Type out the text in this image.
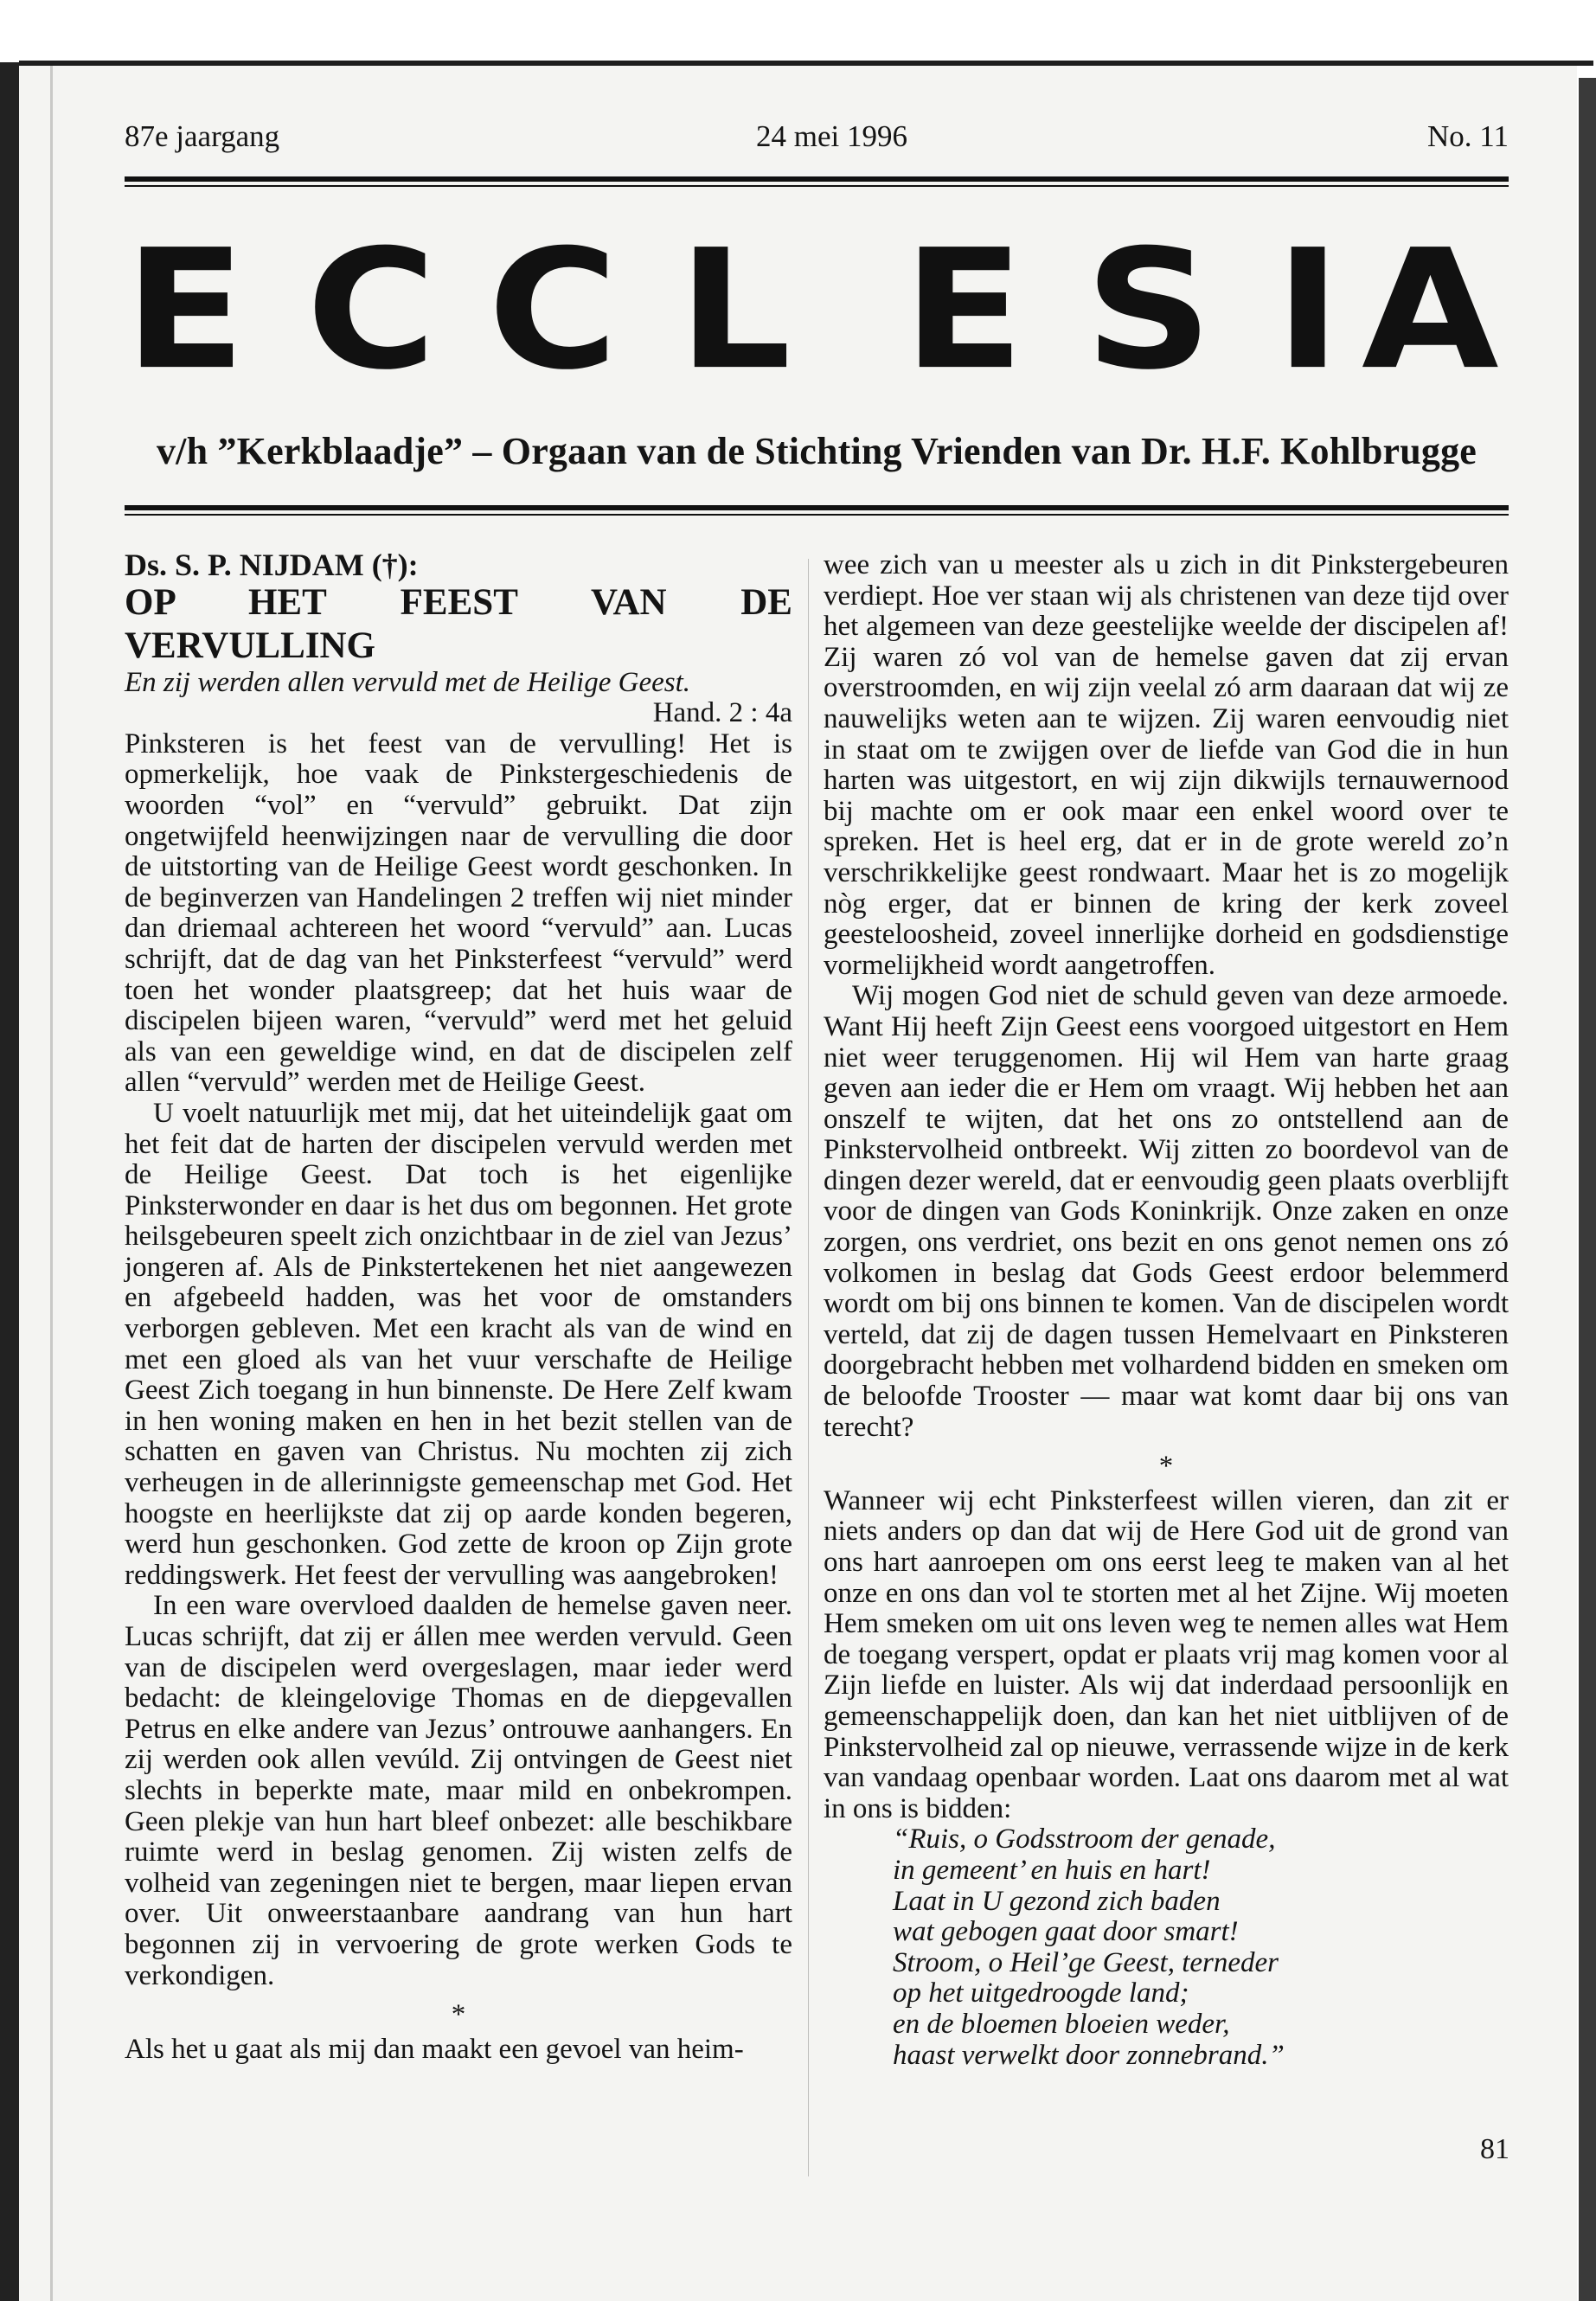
87e jaargang	24 mei 1996	No. 11
E C C L E S I A
v/h ”Kerkblaadje” – Orgaan van de Stichting Vrienden van Dr. H.F. Kohlbrugge

Ds. S. P. NIJDAM (†):

OP HET FEEST VAN DE VERVULLING

En zij werden allen vervuld met de Heilige Geest.

Hand. 2 : 4a

Pinksteren is het feest van de vervulling! Het is opmerkelijk, hoe vaak de Pinkstergeschiedenis de woorden “vol” en “vervuld” gebruikt. Dat zijn ongetwijfeld heenwijzingen naar de vervulling die door de uitstorting van de Heilige Geest wordt geschonken. In de beginverzen van Handelingen 2 treffen wij niet minder dan driemaal achtereen het woord “vervuld” aan. Lucas schrijft, dat de dag van het Pinksterfeest “vervuld” werd toen het wonder plaatsgreep; dat het huis waar de discipelen bijeen waren, “vervuld” werd met het geluid als van een geweldige wind, en dat de discipelen zelf allen “vervuld” werden met de Heilige Geest.

U voelt natuurlijk met mij, dat het uiteindelijk gaat om het feit dat de harten der discipelen vervuld werden met de Heilige Geest. Dat toch is het eigenlijke Pinksterwonder en daar is het dus om begonnen. Het grote heilsgebeuren speelt zich onzichtbaar in de ziel van Jezus’ jongeren af. Als de Pinkstertekenen het niet aangewezen en afgebeeld hadden, was het voor de omstanders verborgen gebleven. Met een kracht als van de wind en met een gloed als van het vuur verschafte de Heilige Geest Zich toegang in hun binnenste. De Here Zelf kwam in hen woning maken en hen in het bezit stellen van de schatten en gaven van Christus. Nu mochten zij zich verheugen in de allerinnigste gemeenschap met God. Het hoogste en heerlijkste dat zij op aarde konden begeren, werd hun geschonken. God zette de kroon op Zijn grote reddingswerk. Het feest der vervulling was aangebroken!

In een ware overvloed daalden de hemelse gaven neer. Lucas schrijft, dat zij er állen mee werden vervuld. Geen van de discipelen werd overgeslagen, maar ieder werd bedacht: de kleingelovige Thomas en de diepgevallen Petrus en elke andere van Jezus’ ontrouwe aanhangers. En zij werden ook allen vevúld. Zij ontvingen de Geest niet slechts in beperkte mate, maar mild en onbekrompen. Geen plekje van hun hart bleef onbezet: alle beschikbare ruimte werd in beslag genomen. Zij wisten zelfs de volheid van zegeningen niet te bergen, maar liepen ervan over. Uit onweerstaanbare aandrang van hun hart begonnen zij in vervoering de grote werken Gods te verkondigen.

*

Als het u gaat als mij dan maakt een gevoel van heim-

wee zich van u meester als u zich in dit Pinkstergebeuren verdiept. Hoe ver staan wij als christenen van deze tijd over het algemeen van deze geestelijke weelde der discipelen af! Zij waren zó vol van de hemelse gaven dat zij ervan overstroomden, en wij zijn veelal zó arm daaraan dat wij ze nauwelijks weten aan te wijzen. Zij waren eenvoudig niet in staat om te zwijgen over de liefde van God die in hun harten was uitgestort, en wij zijn dikwijls ternauwernood bij machte om er ook maar een enkel woord over te spreken. Het is heel erg, dat er in de grote wereld zo’n verschrikkelijke geest rondwaart. Maar het is zo mogelijk nòg erger, dat er binnen de kring der kerk zoveel geesteloosheid, zoveel innerlijke dorheid en godsdienstige vormelijkheid wordt aangetroffen.

Wij mogen God niet de schuld geven van deze armoede. Want Hij heeft Zijn Geest eens voorgoed uitgestort en Hem niet weer teruggenomen. Hij wil Hem van harte graag geven aan ieder die er Hem om vraagt. Wij hebben het aan onszelf te wijten, dat het ons zo ontstellend aan de Pinkstervolheid ontbreekt. Wij zitten zo boordevol van de dingen dezer wereld, dat er eenvoudig geen plaats overblijft voor de dingen van Gods Koninkrijk. Onze zaken en onze zorgen, ons verdriet, ons bezit en ons genot nemen ons zó volkomen in beslag dat Gods Geest erdoor belemmerd wordt om bij ons binnen te komen. Van de discipelen wordt verteld, dat zij de dagen tussen Hemelvaart en Pinksteren doorgebracht hebben met volhardend bidden en smeken om de beloofde Trooster — maar wat komt daar bij ons van terecht?

*

Wanneer wij echt Pinksterfeest willen vieren, dan zit er niets anders op dan dat wij de Here God uit de grond van ons hart aanroepen om ons eerst leeg te maken van al het onze en ons dan vol te storten met al het Zijne. Wij moeten Hem smeken om uit ons leven weg te nemen alles wat Hem de toegang verspert, opdat er plaats vrij mag komen voor al Zijn liefde en luister. Als wij dat inderdaad persoonlijk en gemeenschappelijk doen, dan kan het niet uitblijven of de Pinkstervolheid zal op nieuwe, verrassende wijze in de kerk van vandaag openbaar worden. Laat ons daarom met al wat in ons is bidden:

“Ruis, o Godsstroom der genade,

in gemeent’ en huis en hart!

Laat in U gezond zich baden

wat gebogen gaat door smart!

Stroom, o Heil’ge Geest, terneder

op het uitgedroogde land;

en de bloemen bloeien weder,

haast verwelkt door zonnebrand.”

81
